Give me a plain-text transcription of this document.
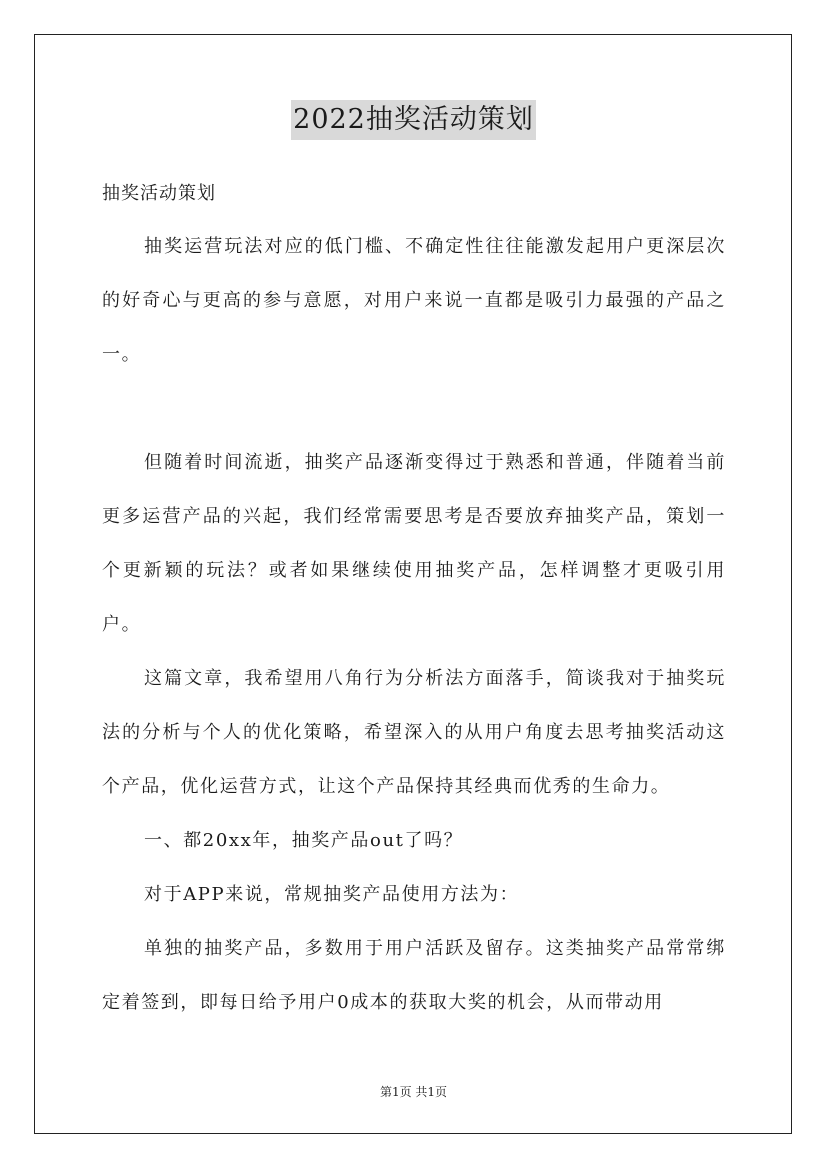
2022抽奖活动策划
抽奖活动策划

抽奖运营玩法对应的低门槛、不确定性往往能激发起用户更深层次的好奇心与更高的参与意愿，对用户来说一直都是吸引力最强的产品之一。

但随着时间流逝，抽奖产品逐渐变得过于熟悉和普通，伴随着当前更多运营产品的兴起，我们经常需要思考是否要放弃抽奖产品，策划一个更新颖的玩法？或者如果继续使用抽奖产品，怎样调整才更吸引用户。

这篇文章，我希望用八角行为分析法方面落手，简谈我对于抽奖玩法的分析与个人的优化策略，希望深入的从用户角度去思考抽奖活动这个产品，优化运营方式，让这个产品保持其经典而优秀的生命力。

一、都20xx年，抽奖产品out了吗？

对于APP来说，常规抽奖产品使用方法为：

单独的抽奖产品，多数用于用户活跃及留存。这类抽奖产品常常绑定着签到，即每日给予用户0成本的获取大奖的机会，从而带动用

第1页 共1页
